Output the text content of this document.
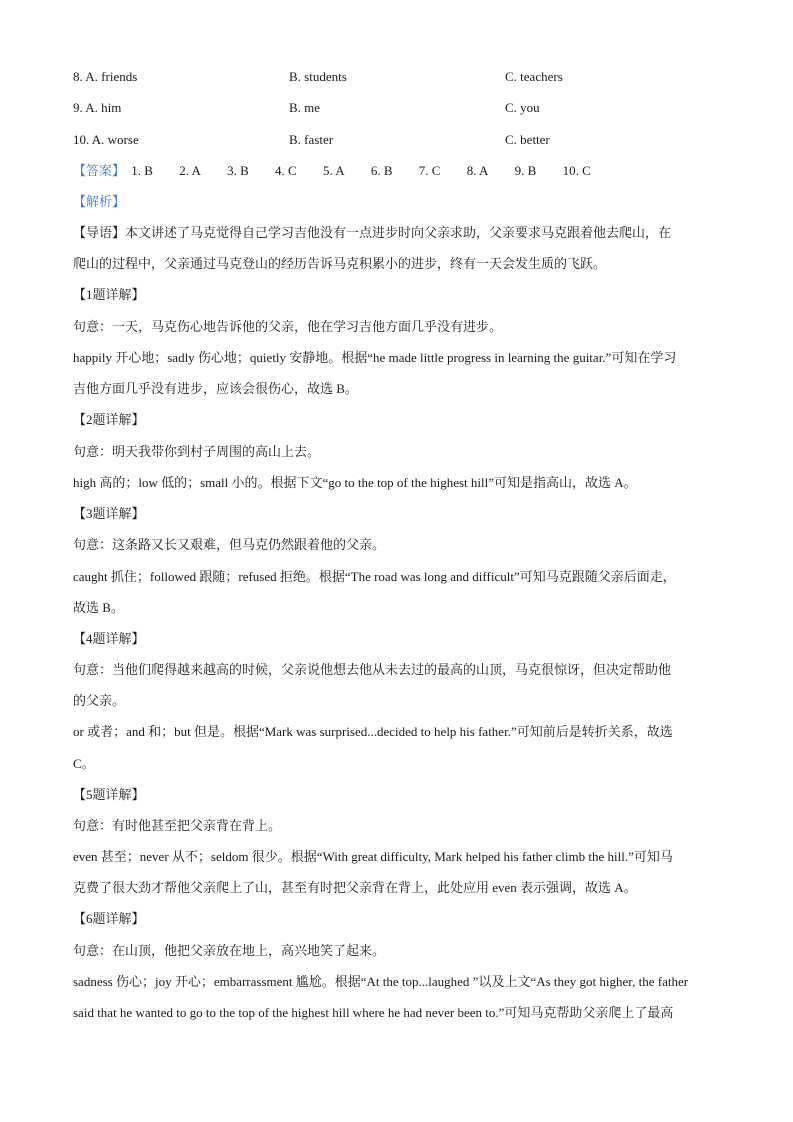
8. A. friends	B. students	C. teachers
9. A. him	B. me	C. you
10. A. worse	B. faster	C. better
【答案】 1. B 2. A 3. B 4. C 5. A 6. B 7. C 8. A 9. B 10. C
【解析】
【导语】本文讲述了马克觉得自己学习吉他没有一点进步时向父亲求助，父亲要求马克跟着他去爬山，在
爬山的过程中，父亲通过马克登山的经历告诉马克积累小的进步，终有一天会发生质的飞跃。
【1题详解】
句意：一天，马克伤心地告诉他的父亲，他在学习吉他方面几乎没有进步。
happily 开心地；sadly 伤心地；quietly 安静地。根据“he made little progress in learning the guitar.”可知在学习
吉他方面几乎没有进步，应该会很伤心，故选 B。
【2题详解】
句意：明天我带你到村子周围的高山上去。
high 高的；low 低的；small 小的。根据下文“go to the top of the highest hill”可知是指高山，故选 A。
【3题详解】
句意：这条路又长又艰难，但马克仍然跟着他的父亲。
caught 抓住；followed 跟随；refused 拒绝。根据“The road was long and difficult”可知马克跟随父亲后面走，
故选 B。
【4题详解】
句意：当他们爬得越来越高的时候，父亲说他想去他从未去过的最高的山顶，马克很惊讶，但决定帮助他
的父亲。
or 或者；and 和；but 但是。根据“Mark was surprised...decided to help his father.”可知前后是转折关系，故选
C。
【5题详解】
句意：有时他甚至把父亲背在背上。
even 甚至；never 从不；seldom 很少。根据“With great difficulty, Mark helped his father climb the hill.”可知马
克费了很大劲才帮他父亲爬上了山，甚至有时把父亲背在背上，此处应用 even 表示强调，故选 A。
【6题详解】
句意：在山顶，他把父亲放在地上，高兴地笑了起来。
sadness 伤心；joy 开心；embarrassment 尴尬。根据“At the top...laughed ”以及上文“As they got higher, the father
said that he wanted to go to the top of the highest hill where he had never been to.”可知马克帮助父亲爬上了最高
